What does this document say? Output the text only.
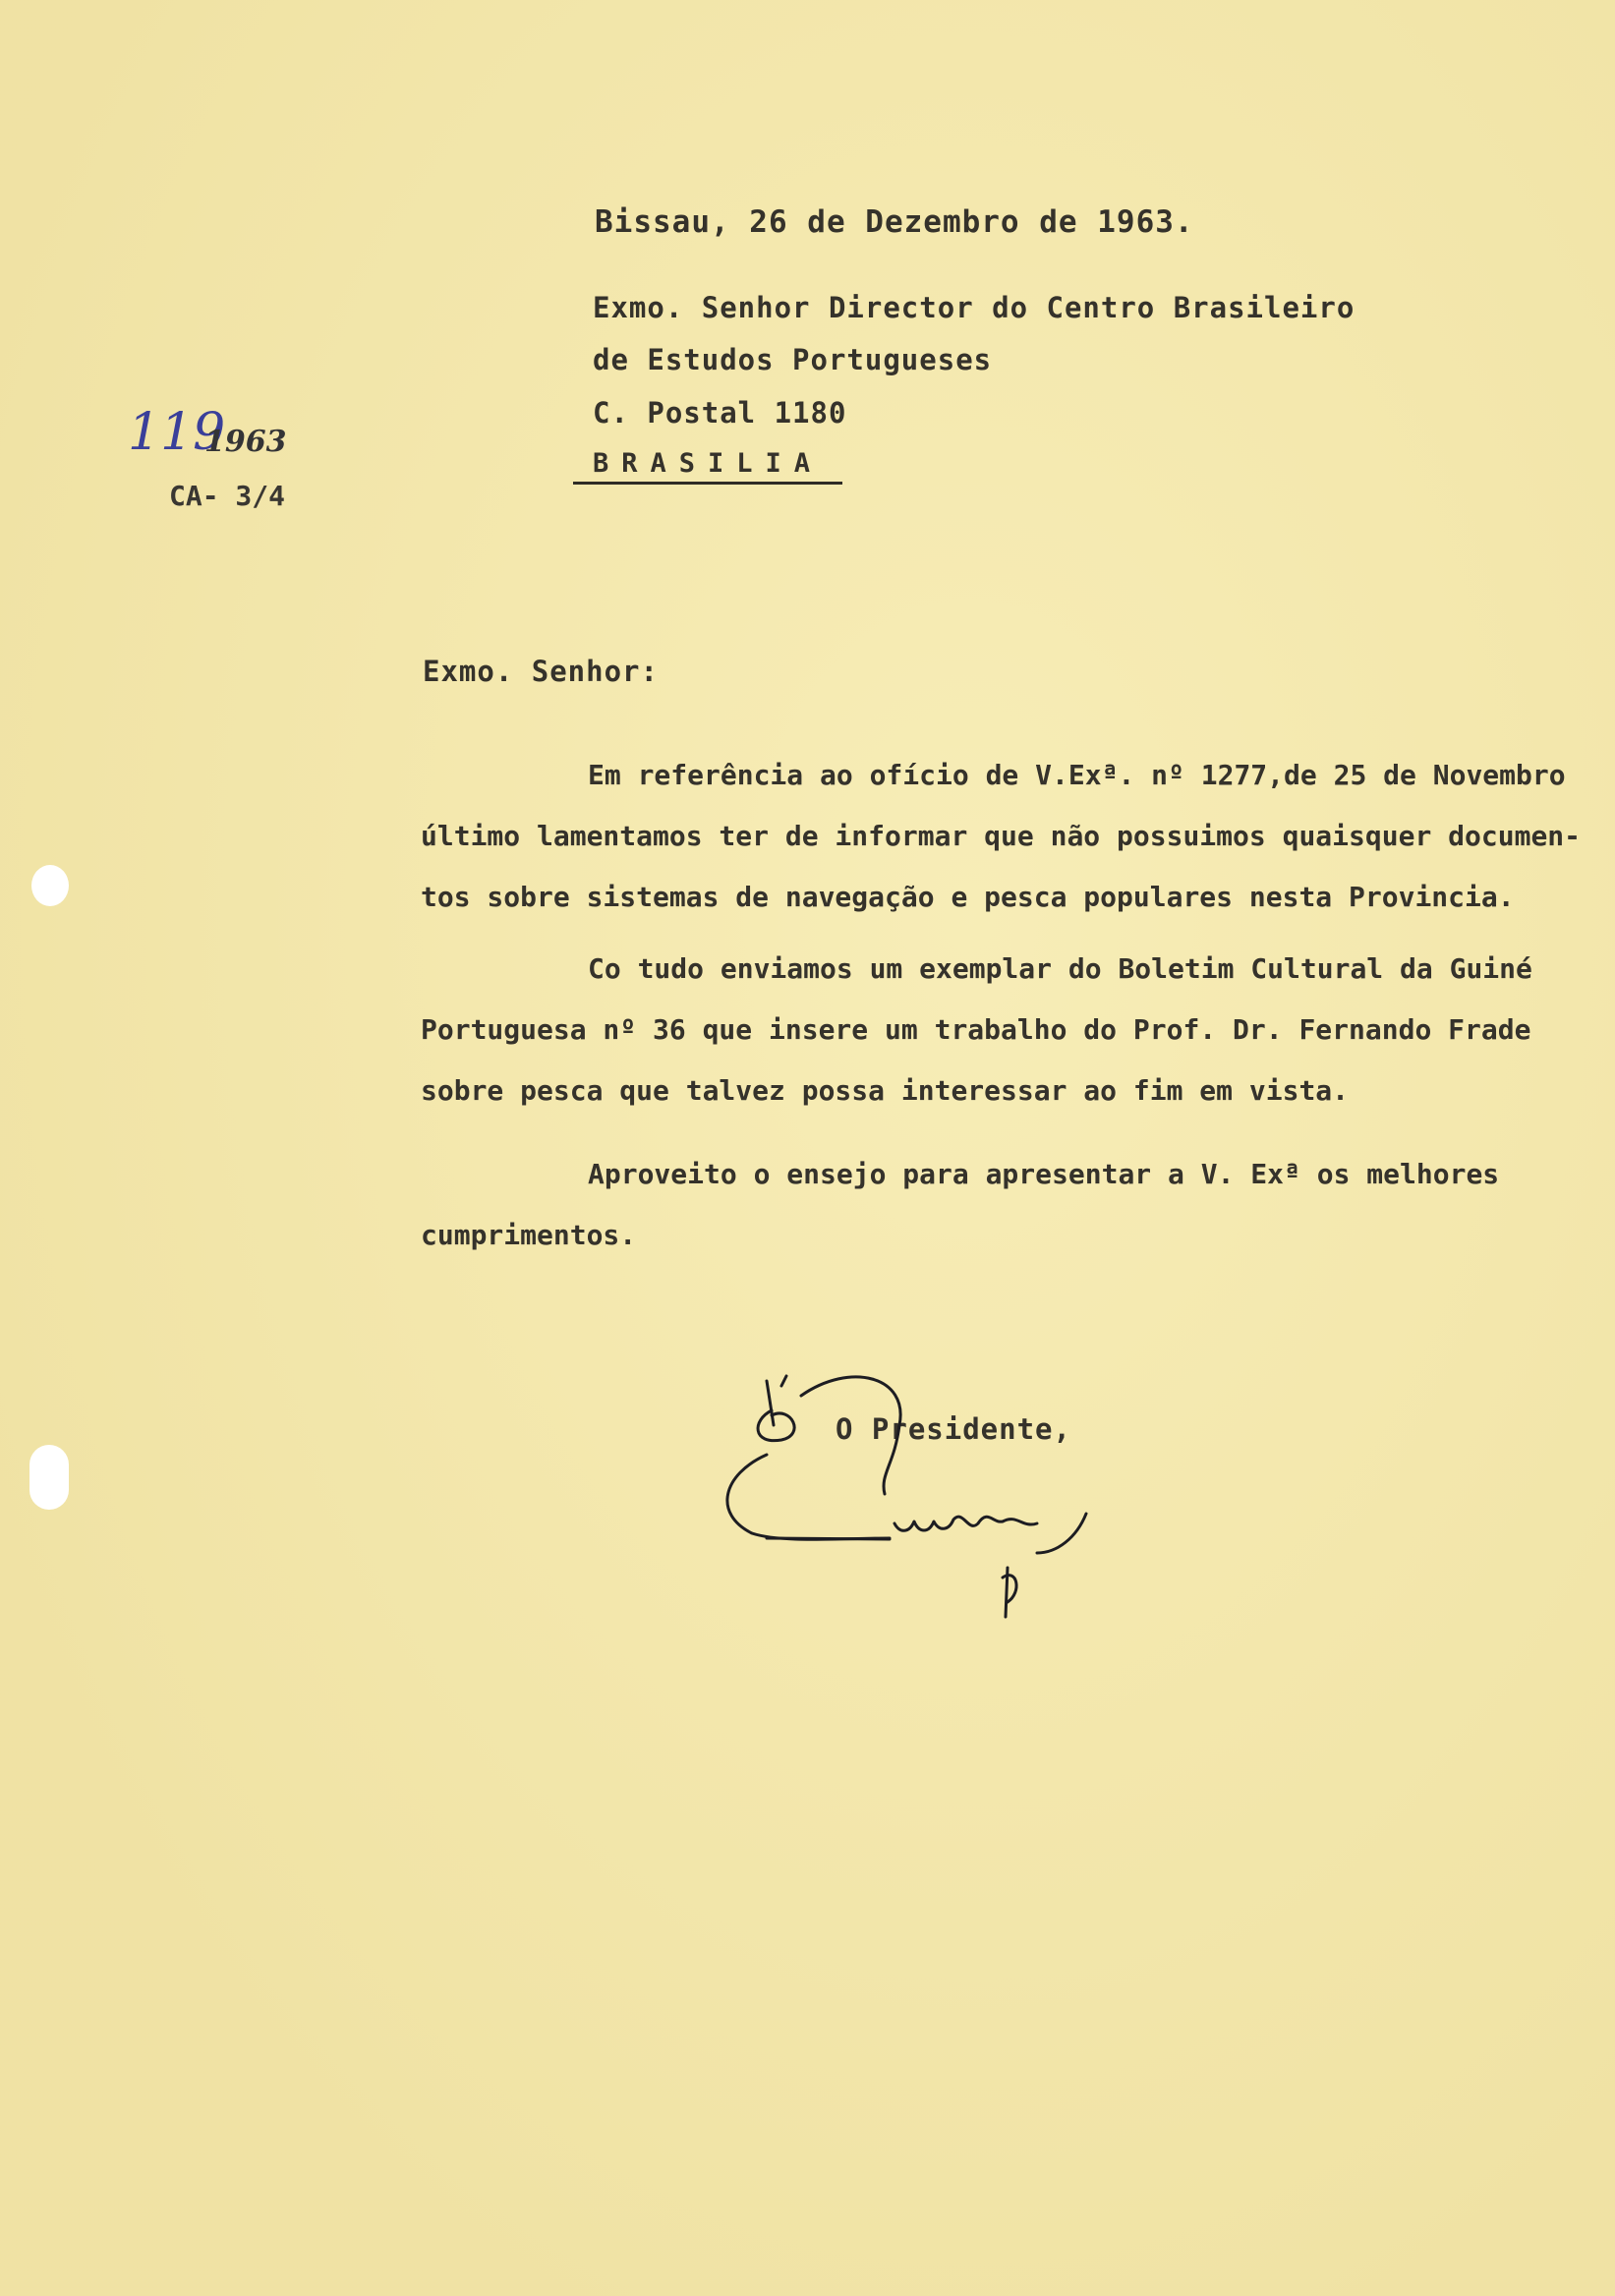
Bissau, 26 de Dezembro de 1963.
Exmo. Senhor Director do Centro Brasileiro
de Estudos Portugueses
C. Postal 1180
BRASILIA
119
1963
CA- 3/4
Exmo. Senhor:
Em referência ao ofício de V.Exª. nº 1277,de 25 de Novembro
último lamentamos ter de informar que não possuimos quaisquer documen-
tos sobre sistemas de navegação e pesca populares nesta Provincia.
Co tudo enviamos um exemplar do Boletim Cultural da Guiné
Portuguesa nº 36 que insere um trabalho do Prof. Dr. Fernando Frade
sobre pesca que talvez possa interessar ao fim em vista.
Aproveito o ensejo para apresentar a V. Exª os melhores
cumprimentos.
O Presidente,
